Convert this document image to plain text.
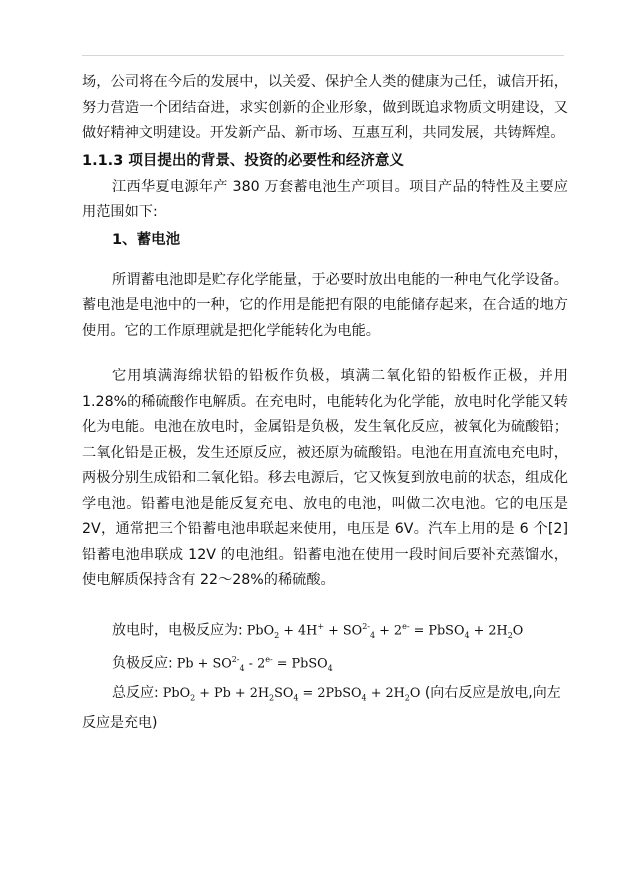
场，公司将在今后的发展中，以关爱、保护全人类的健康为己任，诚信开拓，努力营造一个团结奋进，求实创新的企业形象，做到既追求物质文明建设，又做好精神文明建设。开发新产品、新市场、互惠互利，共同发展，共铸辉煌。

1.1.3 项目提出的背景、投资的必要性和经济意义

江西华夏电源年产 380 万套蓄电池生产项目。项目产品的特性及主要应用范围如下:

1、蓄电池

所谓蓄电池即是贮存化学能量，于必要时放出电能的一种电气化学设备。蓄电池是电池中的一种，它的作用是能把有限的电能储存起来，在合适的地方使用。它的工作原理就是把化学能转化为电能。

它用填满海绵状铅的铅板作负极，填满二氧化铅的铅板作正极，并用 1.28%的稀硫酸作电解质。在充电时，电能转化为化学能，放电时化学能又转化为电能。电池在放电时，金属铅是负极，发生氧化反应，被氧化为硫酸铅；二氧化铅是正极，发生还原反应，被还原为硫酸铅。电池在用直流电充电时，两极分别生成铅和二氧化铅。移去电源后，它又恢复到放电前的状态，组成化学电池。铅蓄电池是能反复充电、放电的电池，叫做二次电池。它的电压是 2V，通常把三个铅蓄电池串联起来使用，电压是 6V。汽车上用的是 6 个[2]铅蓄电池串联成 12V 的电池组。铅蓄电池在使用一段时间后要补充蒸馏水，使电解质保持含有 22～28%的稀硫酸。

放电时，电极反应为: $PbO_2 + 4H^+ + SO^{2-}_4 + 2^{e-}$ = PbSO$_4$ + $2H_2O$

负极反应: $Pb + SO^{2-}_4 - 2^{e-}$ = PbSO$_4$

总反应: $PbO_2 + Pb + 2H_2SO_4$ = 2PbSO$_4$ + $2H_2O$ (向右反应是放电,向左反应是充电)
